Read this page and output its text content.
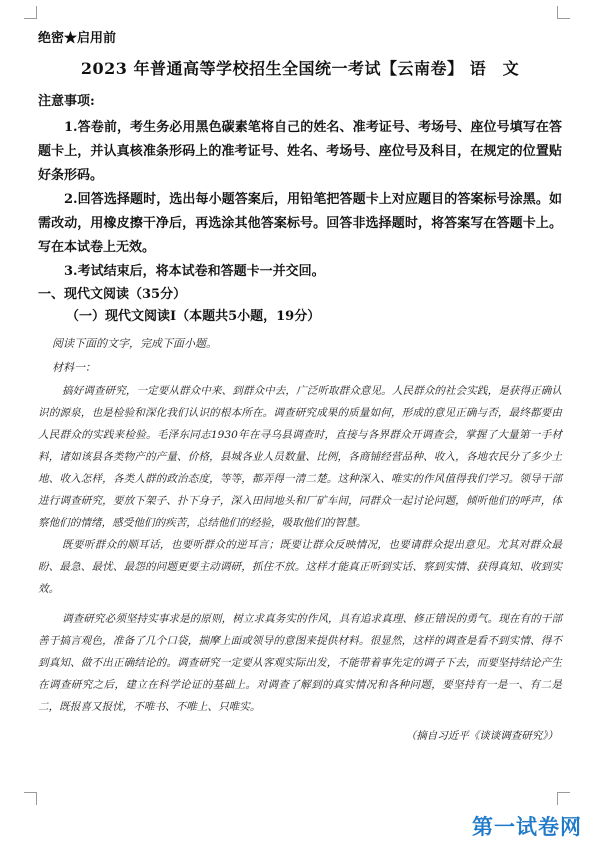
绝密★启用前
2023 年普通高等学校招生全国统一考试【云南卷】 语　文
注意事项:

1.答卷前，考生务必用黑色碳素笔将自己的姓名、准考证号、考场号、座位号填写在答题卡上，并认真核准条形码上的准考证号、姓名、考场号、座位号及科目，在规定的位置贴好条形码。

2.回答选择题时，选出每小题答案后，用铅笔把答题卡上对应题目的答案标号涂黑。如需改动，用橡皮擦干净后，再选涂其他答案标号。回答非选择题时，将答案写在答题卡上。写在本试卷上无效。

3.考试结束后，将本试卷和答题卡一并交回。

一、现代文阅读（35分）
（一）现代文阅读Ⅰ（本题共5小题，19分）
阅读下面的文字，完成下面小题。
材料一：

搞好调查研究，一定要从群众中来、到群众中去，广泛听取群众意见。人民群众的社会实践，是获得正确认识的源泉，也是检验和深化我们认识的根本所在。调查研究成果的质量如何，形成的意见正确与否，最终都要由人民群众的实践来检验。毛泽东同志1930年在寻乌县调查时，直接与各界群众开调查会，掌握了大量第一手材料，诸如该县各类物产的产量、价格，县城各业人员数量、比例，各商铺经营品种、收入，各地农民分了多少土地、收入怎样，各类人群的政治态度，等等，都弄得一清二楚。这种深入、唯实的作风值得我们学习。领导干部进行调查研究，要放下架子、扑下身子，深入田间地头和厂矿车间，同群众一起讨论问题，倾听他们的呼声，体察他们的情绪，感受他们的疾苦，总结他们的经验，吸取他们的智慧。

既要听群众的顺耳话，也要听群众的逆耳言；既要让群众反映情况，也要请群众提出意见。尤其对群众最盼、最急、最忧、最怨的问题更要主动调研，抓住不放。这样才能真正听到实话、察到实情、获得真知、收到实效。

调查研究必须坚持实事求是的原则，树立求真务实的作风，具有追求真理、修正错误的勇气。现在有的干部善于搞言观色，准备了几个口袋，揣摩上面或领导的意图来提供材料。很显然，这样的调查是看不到实情、得不到真知、做不出正确结论的。调查研究一定要从客观实际出发，不能带着事先定的调子下去，而要坚持结论产生在调查研究之后，建立在科学论证的基础上。对调查了解到的真实情况和各种问题，要坚持有一是一、有二是二，既报喜又报忧，不唯书、不唯上、只唯实。

（摘自习近平《谈谈调查研究》）
第一试卷网
